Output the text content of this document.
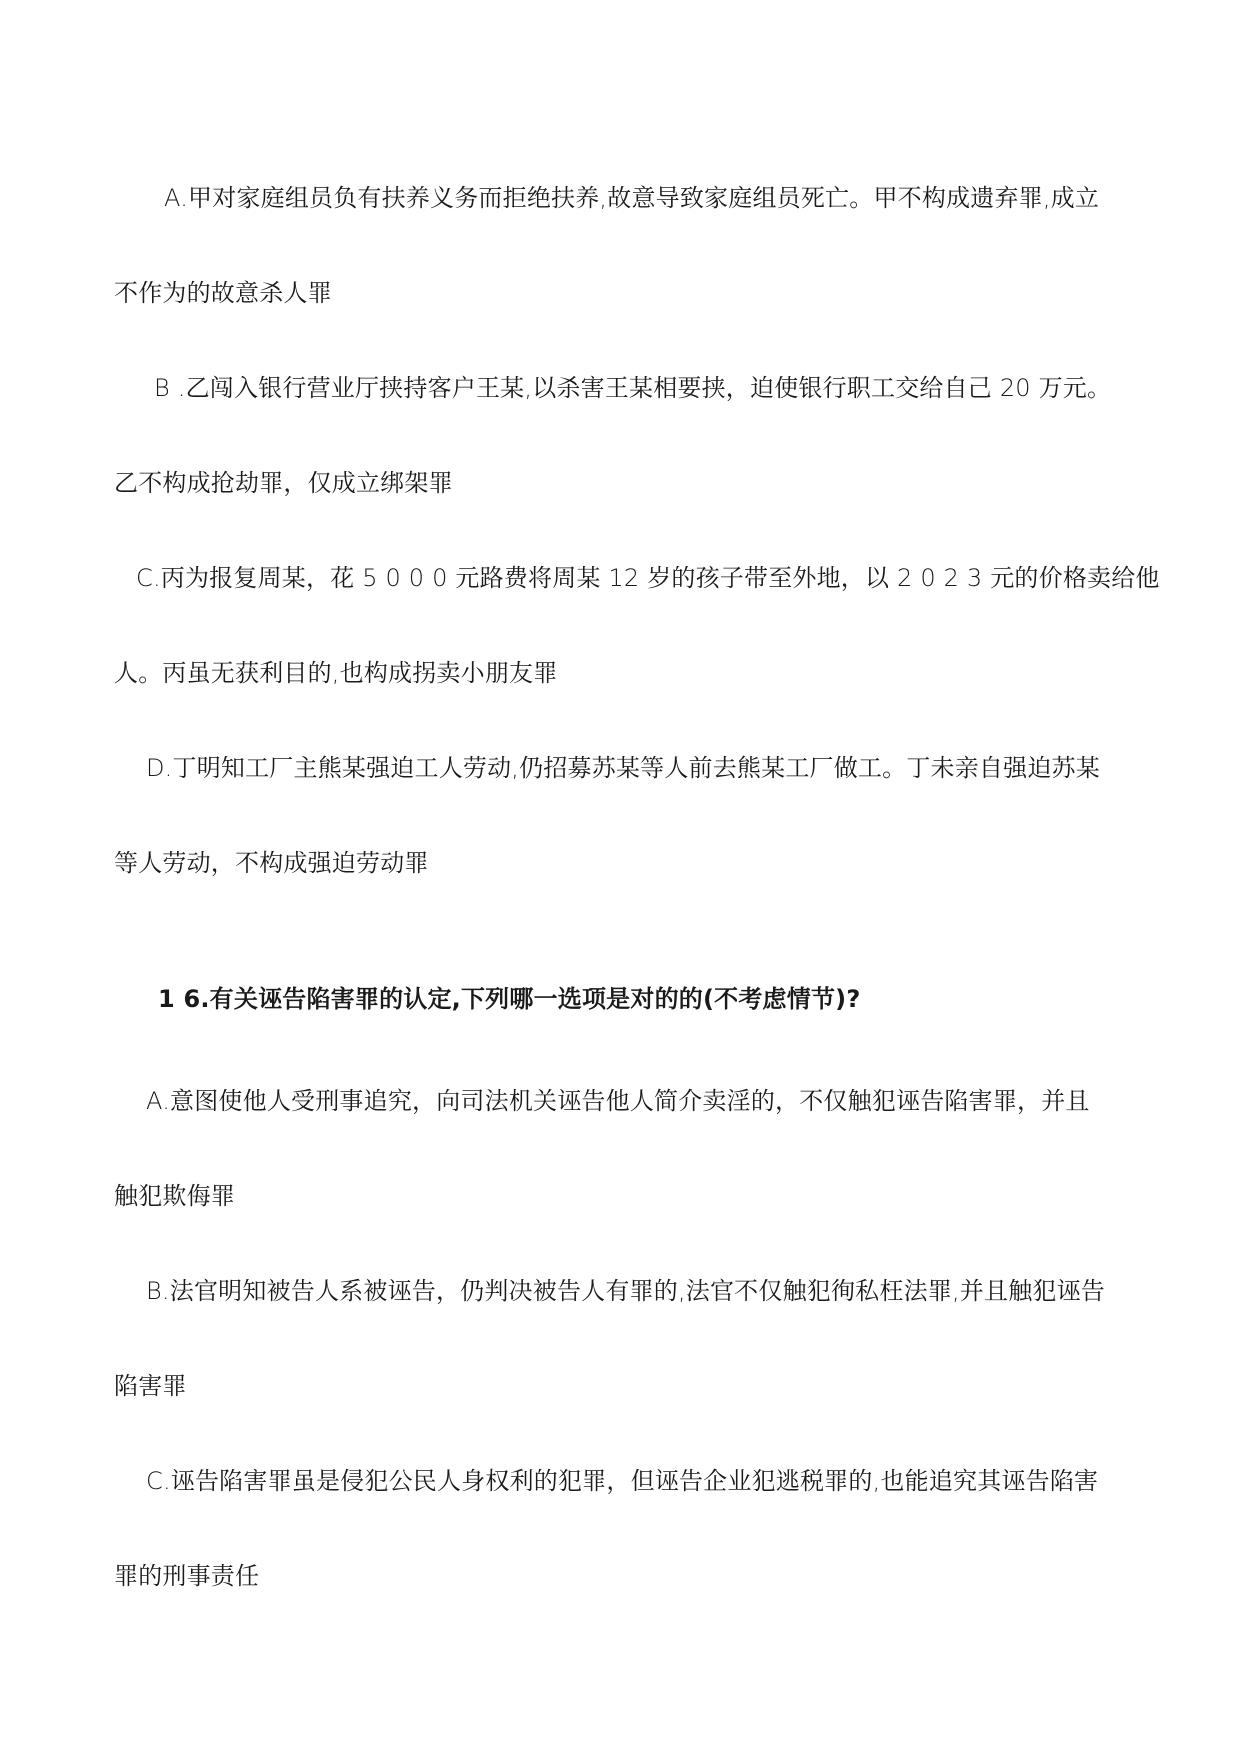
A.甲对家庭组员负有扶养义务而拒绝扶养,故意导致家庭组员死亡。甲不构成遗弃罪,成立
不作为的故意杀人罪
B .乙闯入银行营业厅挟持客户王某,以杀害王某相要挟，迫使银行职工交给自己 20 万元。
乙不构成抢劫罪，仅成立绑架罪
C.丙为报复周某，花 5 0 0 0 元路费将周某 12 岁的孩子带至外地，以 2 0 2 3 元的价格卖给他
人。丙虽无获利目的,也构成拐卖小朋友罪
D.丁明知工厂主熊某强迫工人劳动,仍招募苏某等人前去熊某工厂做工。丁未亲自强迫苏某
等人劳动，不构成强迫劳动罪
1 6.有关诬告陷害罪的认定,下列哪一选项是对的的(不考虑情节)?
A.意图使他人受刑事追究，向司法机关诬告他人简介卖淫的，不仅触犯诬告陷害罪，并且
触犯欺侮罪
B.法官明知被告人系被诬告，仍判决被告人有罪的,法官不仅触犯徇私枉法罪,并且触犯诬告
陷害罪
C.诬告陷害罪虽是侵犯公民人身权利的犯罪，但诬告企业犯逃税罪的,也能追究其诬告陷害
罪的刑事责任
